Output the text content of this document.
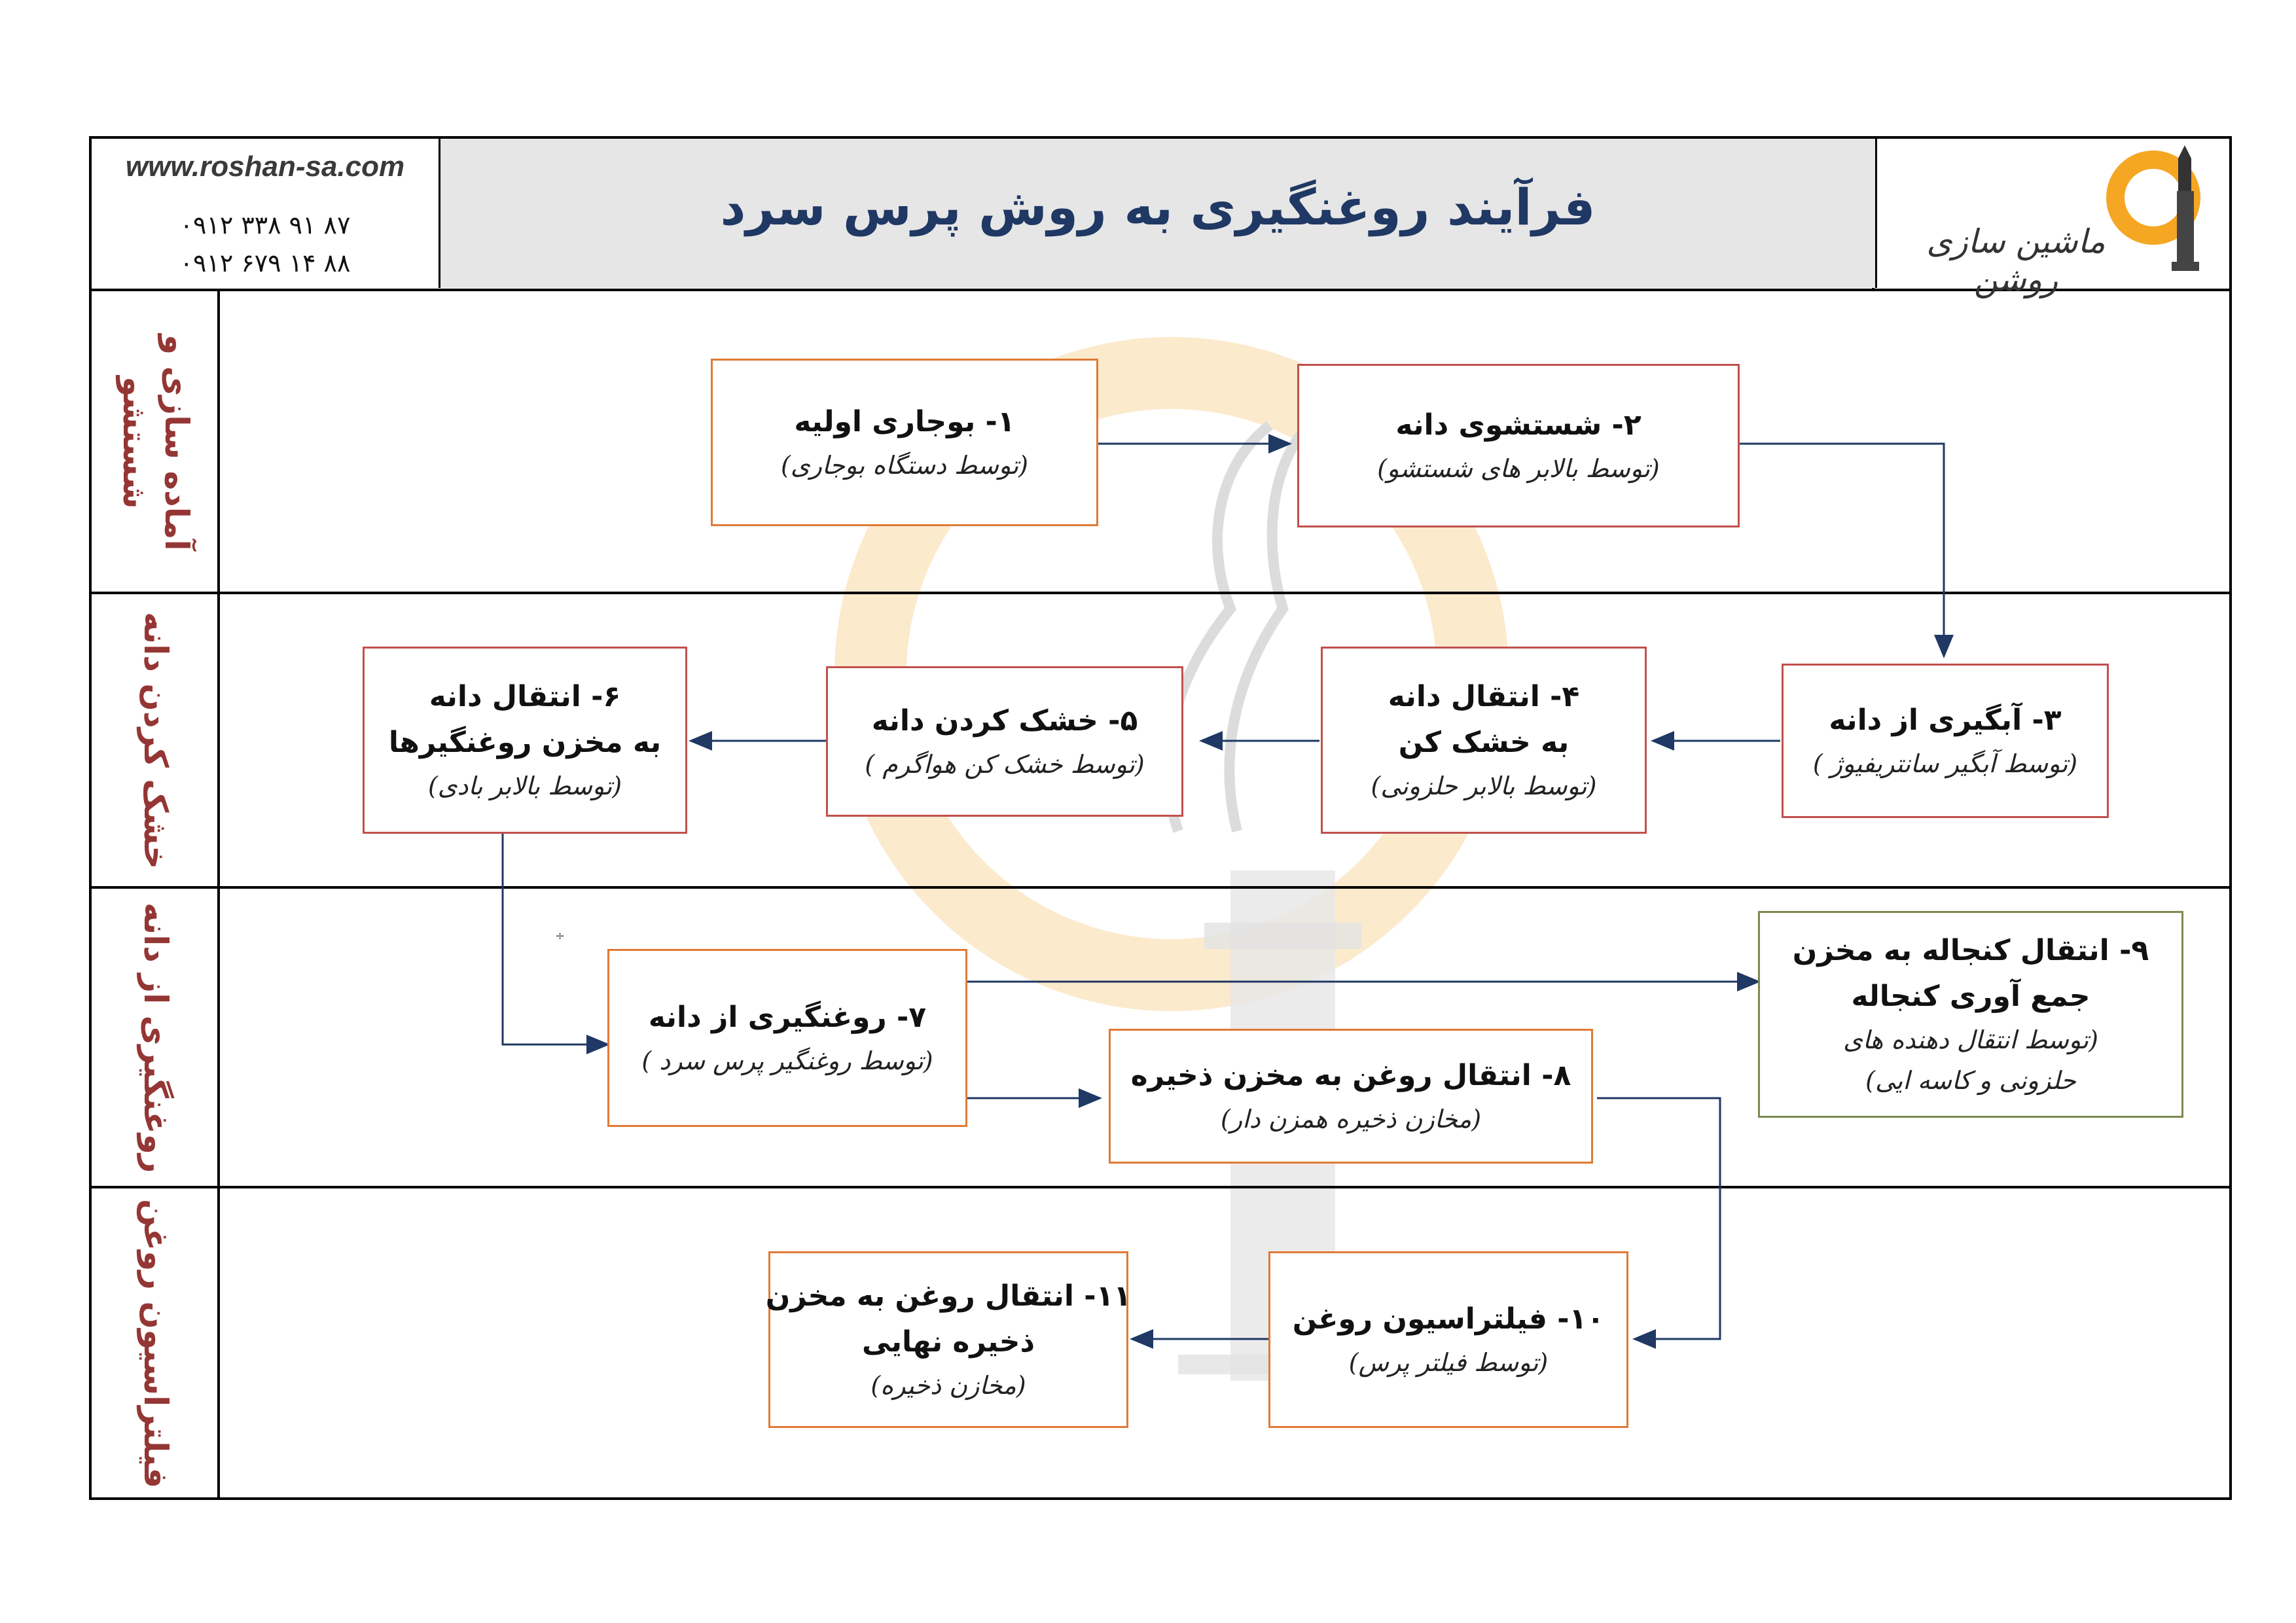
www.roshan-sa.com
۰۹۱۲ ۳۳۸ ۹۱ ۸۷
۰۹۱۲ ۶۷۹ ۱۴ ۸۸
فرآیند روغنگیری به روش پرس سرد
ماشین سازی روشن
آماده سازی و شستشو
خشک کردن دانه
روغنگیری از دانه
فیلتراسیون روغن
÷
۱- بوجاری اولیه
(توسط دستگاه بوجاری)
۲- شستشوی دانه
(توسط بالابر های شستشو)
۳- آبگیری از دانه
(توسط آبگیر سانتریفیوژ )
۴- انتقال دانه
به خشک کن
(توسط بالابر حلزونی)
۵- خشک کردن دانه
(توسط خشک کن هواگرم )
۶- انتقال دانه
به مخزن روغنگیرها
(توسط بالابر بادی)
۷- روغنگیری از دانه
(توسط روغنگیر پرس سرد )	۸- انتقال روغن به مخزن ذخیره
(مخازن ذخیره همزن دار)
۹- انتقال کنجاله به مخزن
جمع آوری کنجاله
(توسط انتقال دهنده های
حلزونی و کاسه ایی)
۱۰- فیلتراسیون روغن
(توسط فیلتر پرس)
۱۱- انتقال روغن به مخزن
ذخیره نهایی
(مخازن ذخیره)
